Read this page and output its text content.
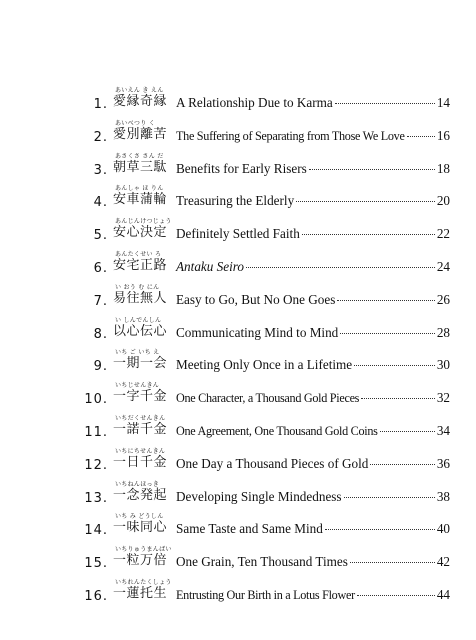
1.
あいえん き えん
愛縁奇縁 A Relationship Due to Karma	14
2.
あいべつり く
愛別離苦 The Suffering of Separating from Those We Love 16
3.
あさくさ さん だ
朝草三駄 Benefits for Early Risers	18
4.
あんしゃ ほ りん
安車蒲輪 Treasuring the Elderly	20
5.
あんじんけつじょう
安心決定 Definitely Settled Faith	22
6.
あんたくせい ろ
安宅正路 Antaku Seiro	24
7.
い おう む にん
易往無人 Easy to Go, But No One Goes	26
8.
い しんでんしん
以心伝心 Communicating Mind to Mind	28
9.
いち ご いち え
一期一会 Meeting Only Once in a Lifetime	30
10.
いちじせんきん
一字千金 One Character, a Thousand Gold Pieces	32
11.
いちだくせんきん
一諾千金 One Agreement, One Thousand Gold Coins	34
12.
いちにちせんきん
一日千金 One Day a Thousand Pieces of Gold	36
13.
いちねんほっき
一念発起 Developing Single Mindedness	38
14.
いち み どうしん
一味同心 Same Taste and Same Mind	40
15.
いちりゅうまんばい
一粒万倍 One Grain, Ten Thousand Times	42
16.
いちれんたくしょう
一蓮托生 Entrusting Our Birth in a Lotus Flower	44
